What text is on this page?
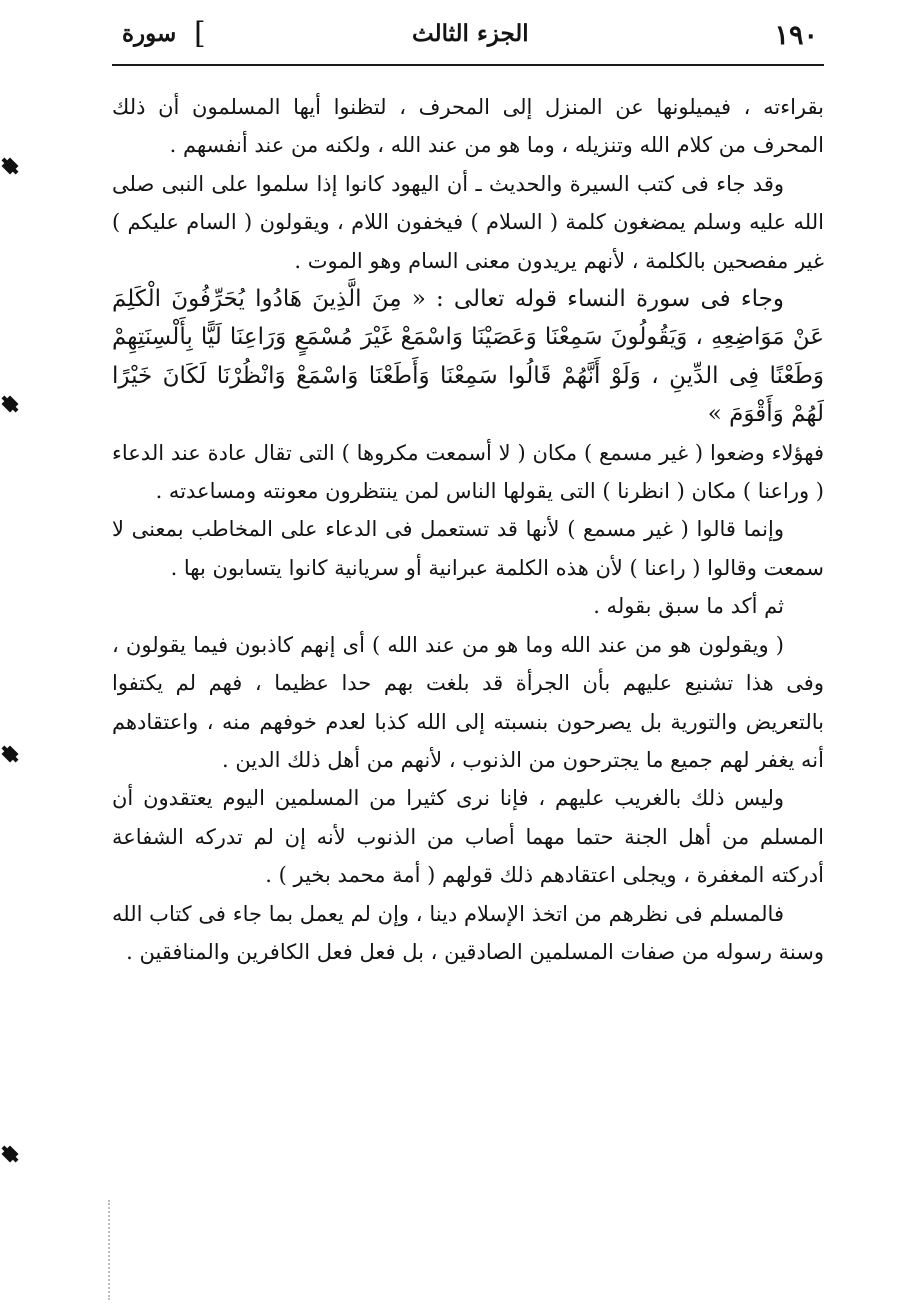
١٩٠
الجزء الثالث
[
سورة

بقراءته ، فيميلونها عن المنزل إلى المحرف ، لتظنوا أيها المسلمون أن ذلك المحرف من كلام الله وتنزيله ، وما هو من عند الله ، ولكنه من عند أنفسهم .

وقد جاء فى كتب السيرة والحديث ـ أن اليهود كانوا إذا سلموا على النبى صلى الله عليه وسلم يمضغون كلمة ( السلام ) فيخفون اللام ، ويقولون ( السام عليكم ) غير مفصحين بالكلمة ، لأنهم يريدون معنى السام وهو الموت .

وجاء فى سورة النساء قوله تعالى : « مِنَ الَّذِينَ هَادُوا يُحَرِّفُونَ الْكَلِمَ عَنْ مَوَاضِعِهِ ، وَيَقُولُونَ سَمِعْنَا وَعَصَيْنَا وَاسْمَعْ غَيْرَ مُسْمَعٍ وَرَاعِنَا لَيًّا بِأَلْسِنَتِهِمْ وَطَعْنًا فِى الدِّينِ ، وَلَوْ أَنَّهُمْ قَالُوا سَمِعْنَا وَأَطَعْنَا وَاسْمَعْ وَانْظُرْنَا لَكَانَ خَيْرًا لَهُمْ وَأَقْوَمَ »

فهؤلاء وضعوا ( غير مسمع ) مكان ( لا أسمعت مكروها ) التى تقال عادة عند الدعاء ( وراعنا ) مكان ( انظرنا ) التى يقولها الناس لمن ينتظرون معونته ومساعدته .

وإنما قالوا ( غير مسمع ) لأنها قد تستعمل فى الدعاء على المخاطب بمعنى لا سمعت وقالوا ( راعنا ) لأن هذه الكلمة عبرانية أو سريانية كانوا يتسابون بها .

ثم أكد ما سبق بقوله .

( ويقولون هو من عند الله وما هو من عند الله ) أى إنهم كاذبون فيما يقولون ، وفى هذا تشنيع عليهم بأن الجرأة قد بلغت بهم حدا عظيما ، فهم لم يكتفوا بالتعريض والتورية بل يصرحون بنسبته إلى الله كذبا لعدم خوفهم منه ، واعتقادهم أنه يغفر لهم جميع ما يجترحون من الذنوب ، لأنهم من أهل ذلك الدين .

وليس ذلك بالغريب عليهم ، فإنا نرى كثيرا من المسلمين اليوم يعتقدون أن المسلم من أهل الجنة حتما مهما أصاب من الذنوب لأنه إن لم تدركه الشفاعة أدركته المغفرة ، ويجلى اعتقادهم ذلك قولهم ( أمة محمد بخير ) .

فالمسلم فى نظرهم من اتخذ الإسلام دينا ، وإن لم يعمل بما جاء فى كتاب الله وسنة رسوله من صفات المسلمين الصادقين ، بل فعل فعل الكافرين والمنافقين .
